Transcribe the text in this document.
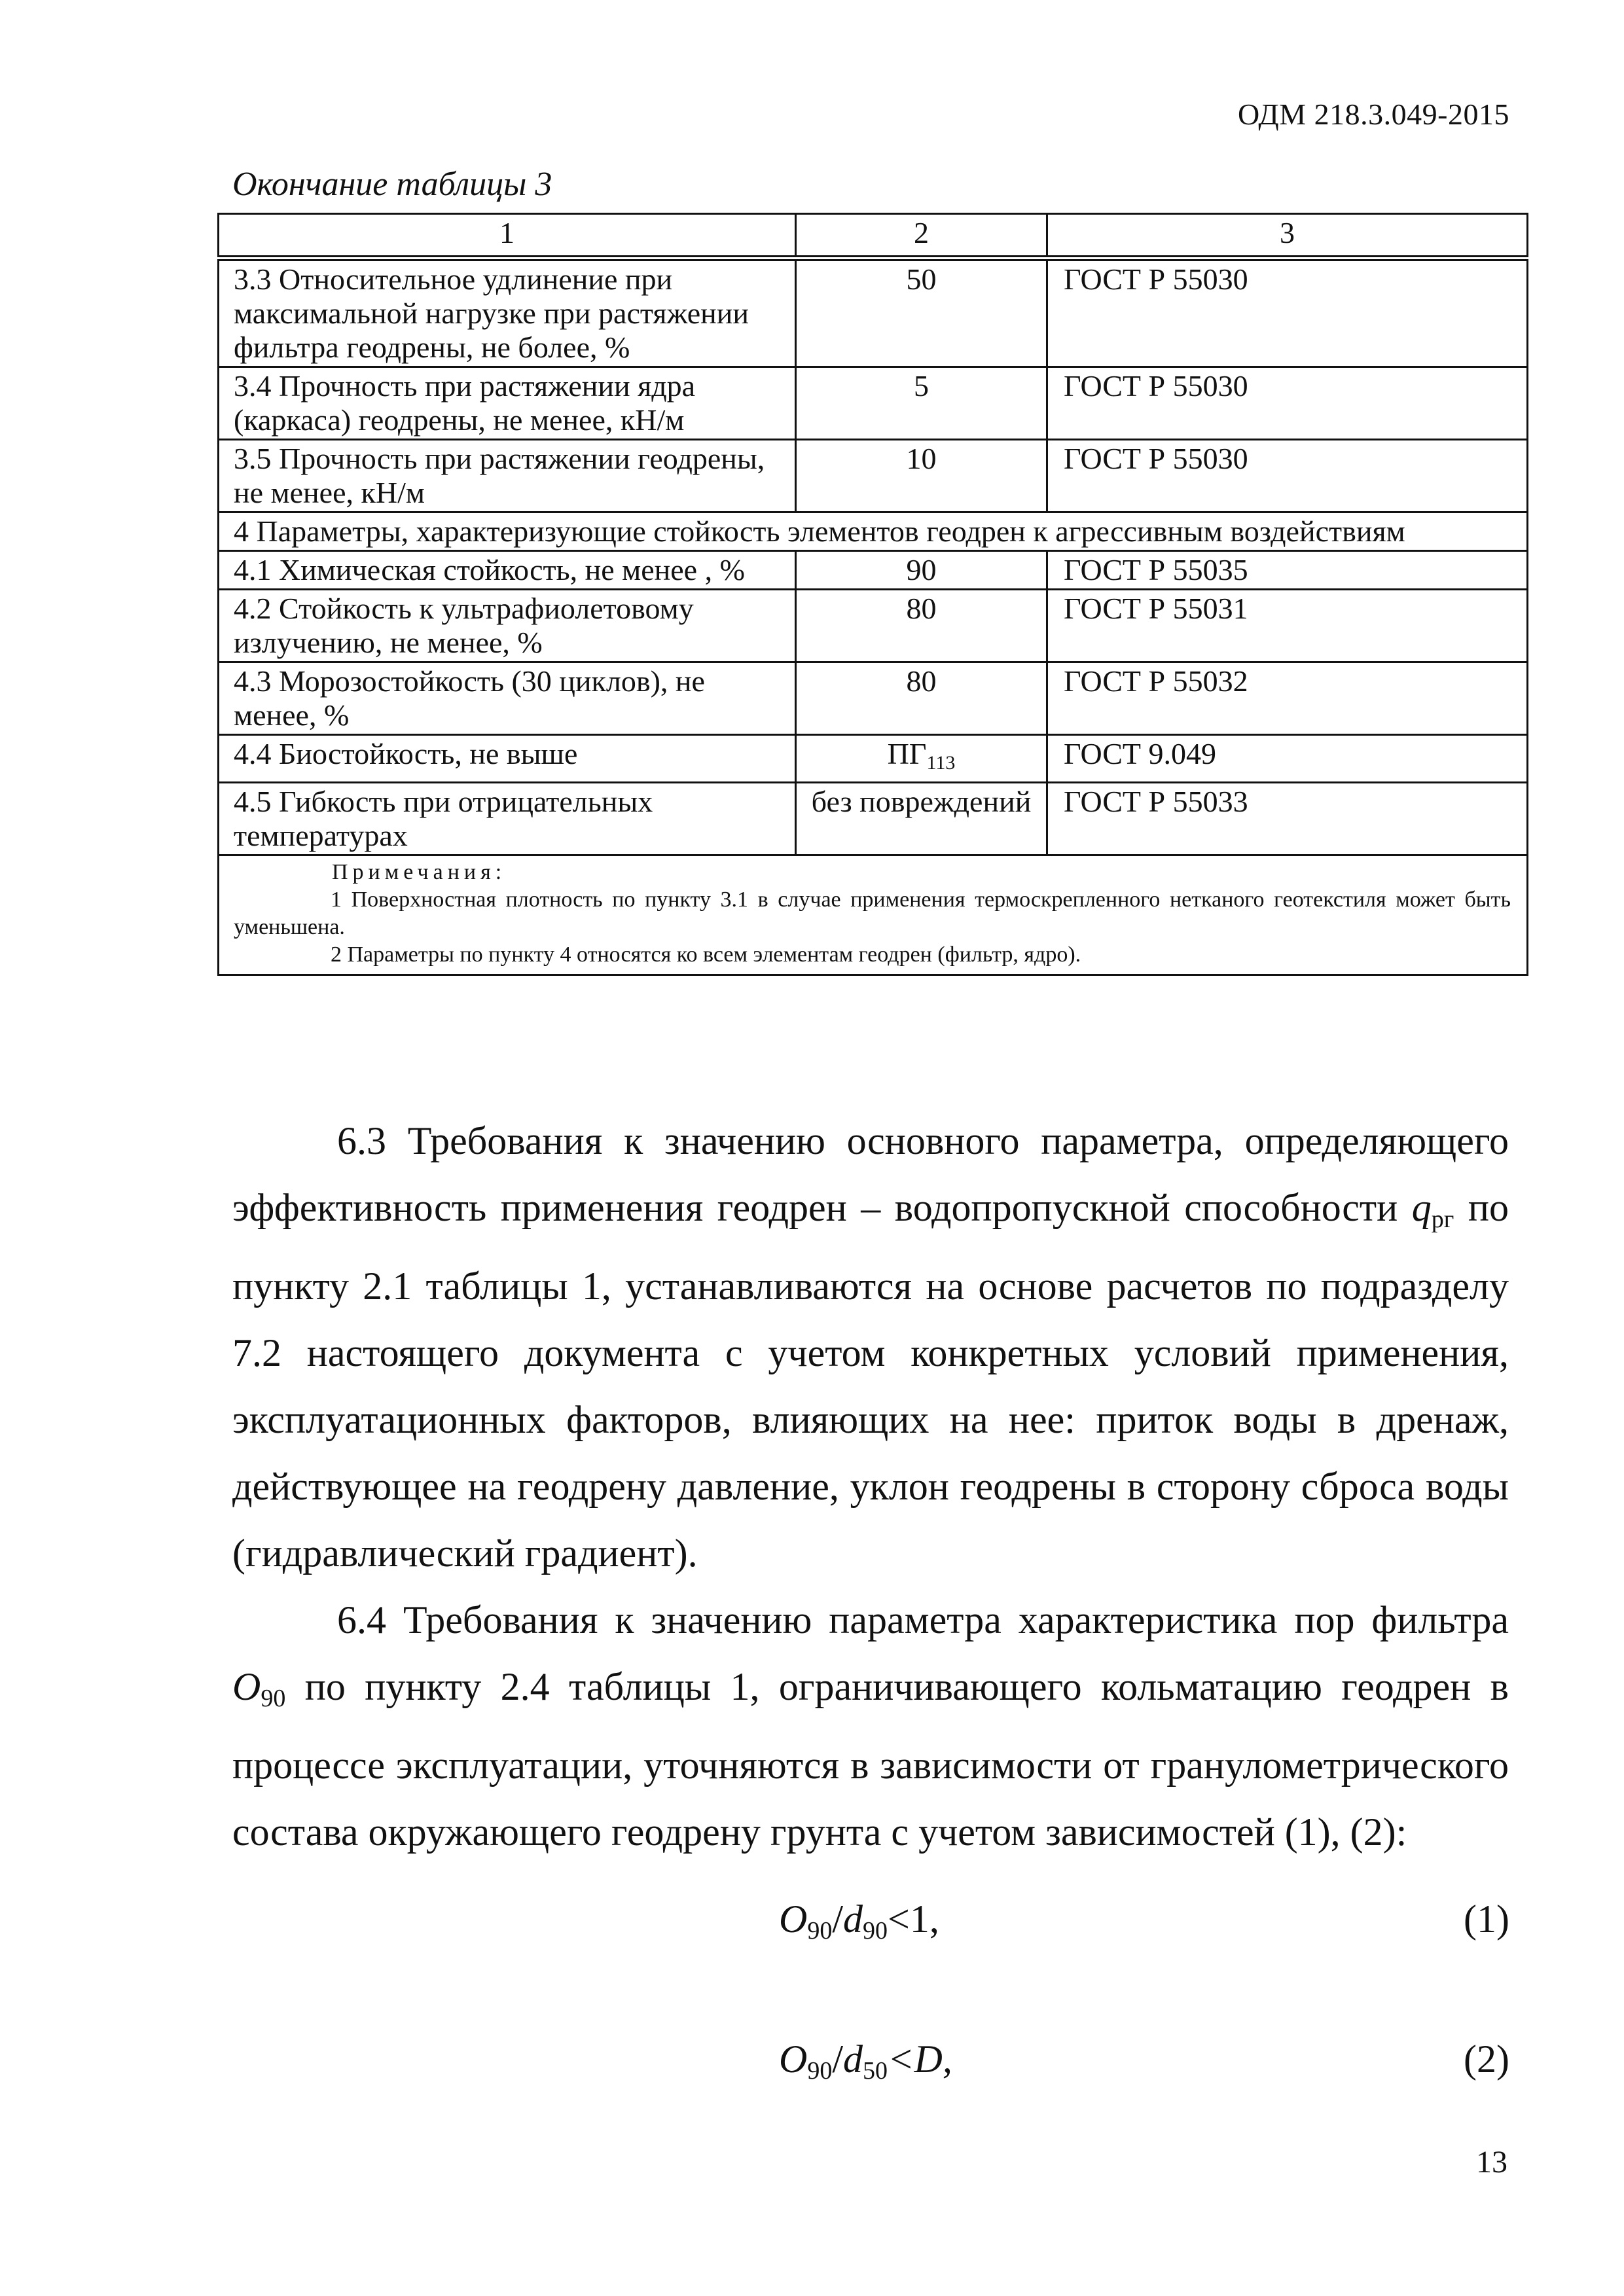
ОДМ 218.3.049-2015
Окончание таблицы 3
1	2	3
3.3 Относительное удлинение при максимальной нагрузке при растяжении фильтра геодрены, не более, %	50	ГОСТ Р 55030
3.4 Прочность при растяжении ядра (каркаса) геодрены, не менее, кН/м	5	ГОСТ Р 55030
3.5 Прочность при растяжении геодрены, не менее, кН/м	10	ГОСТ Р 55030
4 Параметры, характеризующие стойкость элементов геодрен к агрессивным воздействиям		
4.1 Химическая стойкость, не менее , %	90	ГОСТ Р 55035
4.2 Стойкость к ультрафиолетовому излучению, не менее, %	80	ГОСТ Р 55031
4.3 Морозостойкость (30 циклов), не менее, %	80	ГОСТ Р 55032
4.4 Биостойкость, не выше	$ПГ_{113}$	ГОСТ 9.049
4.5 Гибкость при отрицательных температурах	без повреждений	ГОСТ Р 55033

Примечания:
1 Поверхностная плотность по пункту 3.1 в случае применения термоскрепленного нетканого геотекстиля может быть уменьшена.
2 Параметры по пункту 4 относятся ко всем элементам геодрен (фильтр, ядро).		

6.3 Требования к значению основного параметра, определяющего эффективность применения геодрен – водопропускной способности $q_{рг}$ по пункту 2.1 таблицы 1, устанавливаются на основе расчетов по подразделу 7.2 настоящего документа с учетом конкретных условий применения, эксплуатационных факторов, влияющих на нее: приток воды в дренаж, действующее на геодрену давление, уклон геодрены в сторону сброса воды (гидравлический градиент).

6.4 Требования к значению параметра характеристика пор фильтра $O_{90}$ по пункту 2.4 таблицы 1, ограничивающего кольматацию геодрен в процессе эксплуатации, уточняются в зависимости от гранулометрического состава окружающего геодрену грунта с учетом зависимостей (1), (2):

$O_{90}/d_{90}<1$,	(1)
$O_{90}/d_{50}<D$,	(2)
13
